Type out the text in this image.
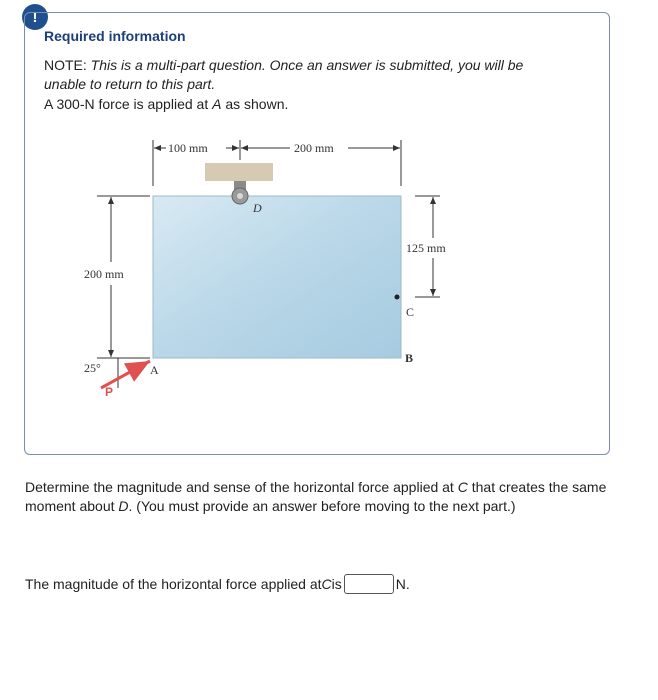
!
Required information
NOTE: This is a multi-part question. Once an answer is submitted, you will be unable to return to this part.
A 300-N force is applied at A as shown.
100 mm	200 mm
200 mm
125 mm
C
D
B
A
25°
P
Determine the magnitude and sense of the horizontal force applied at C that creates the same moment about D. (You must provide an answer before moving to the next part.)
The magnitude of the horizontal force applied at C is	N.
